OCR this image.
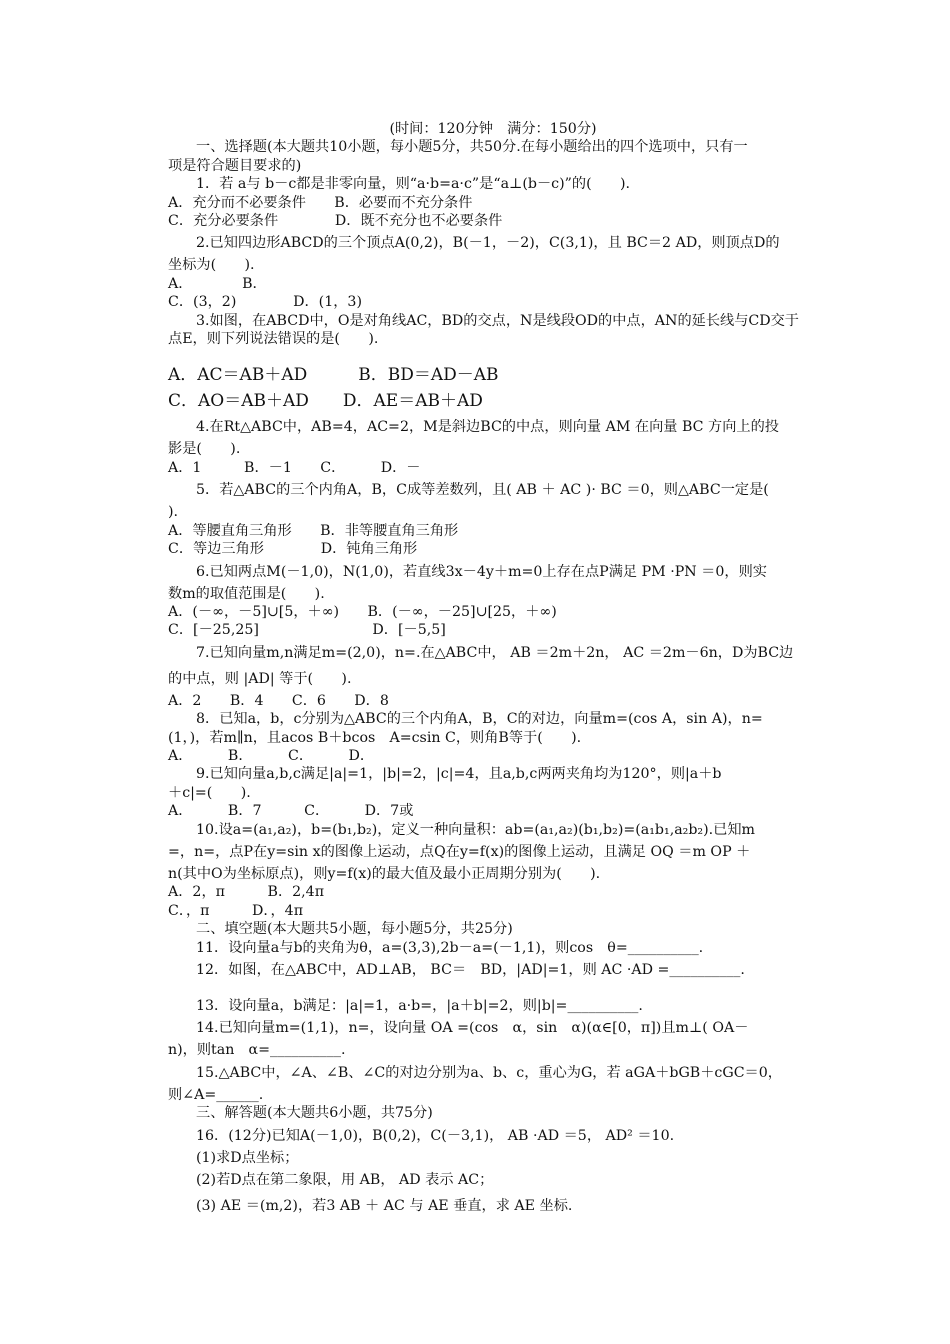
(时间：120分钟　满分：150分)

一、选择题(本大题共10小题，每小题5分，共50分.在每小题给出的四个选项中，只有一

项是符合题目要求的)

1．若 a与 b－c都是非零向量，则“a·b=a·c”是“a⊥(b－c)”的(　　).

A．充分而不必要条件　　B．必要而不充分条件

C．充分必要条件　　　　D．既不充分也不必要条件

2.已知四边形ABCD的三个顶点A(0,2)，B(－1，－2)，C(3,1)，且 BC＝2 AD，则顶点D的

坐标为(　　).

A．　　　　B．

C．(3，2)　　　　D．(1，3)

3.如图，在ABCD中，O是对角线AC，BD的交点，N是线段OD的中点，AN的延长线与CD交于

点E，则下列说法错误的是(　　).

A．AC＝AB＋AD　　　B．BD＝AD－AB

C．AO＝AB＋AD　　D．AE＝AB＋AD

4.在Rt△ABC中，AB=4，AC=2，M是斜边BC的中点，则向量 AM 在向量 BC 方向上的投

影是(　　).

A．1　　　B．－1　　C．　　　D．－

5．若△ABC的三个内角A，B，C成等差数列，且( AB ＋ AC )· BC ＝0，则△ABC一定是(

).

A．等腰直角三角形　　B．非等腰直角三角形

C．等边三角形　　　　D．钝角三角形

6.已知两点M(－1,0)，N(1,0)，若直线3x－4y＋m=0上存在点P满足 PM ·PN ＝0，则实

数m的取值范围是(　　).

A．(－∞，－5]∪[5，＋∞)　　B．(－∞，－25]∪[25，＋∞)

C．[－25,25]　　　　　　　　D．[－5,5]

7.已知向量m,n满足m=(2,0)，n=.在△ABC中， AB ＝2m＋2n， AC ＝2m－6n，D为BC边

的中点，则 |AD| 等于(　　).

A．2　　B．4　　C．6　　D．8

8．已知a，b，c分别为△ABC的三个内角A，B，C的对边，向量m=(cos A，sin A)，n=

(1，)，若m∥n，且acos B＋bcos　A=csin C，则角B等于(　　).

A．　　　B．　　　C．　　　D．

9.已知向量a,b,c满足|a|=1，|b|=2，|c|=4，且a,b,c两两夹角均为120°，则|a＋b

＋c|=(　　).

A．　　　B．7　　　C．　　　D．7或

10.设a=(a₁,a₂)，b=(b₁,b₂)，定义一种向量积：ab=(a₁,a₂)(b₁,b₂)=(a₁b₁,a₂b₂).已知m

=，n=，点P在y=sin x的图像上运动，点Q在y=f(x)的图像上运动，且满足 OQ ＝m OP ＋

n(其中O为坐标原点)，则y=f(x)的最大值及最小正周期分别为(　　).

A．2，π　　　B．2,4π

C．，π　　　D．，4π

二、填空题(本大题共5小题，每小题5分，共25分)

11．设向量a与b的夹角为θ，a=(3,3),2b－a=(－1,1)，则cos　θ=__________.

12．如图，在△ABC中，AD⊥AB， BC＝　BD，|AD|=1，则 AC ·AD =__________.

13．设向量a，b满足：|a|=1，a·b=，|a＋b|=2，则|b|=__________.

14.已知向量m=(1,1)，n=，设向量 OA =(cos　α，sin　α)(α∈[0，π])且m⊥( OA－

n)，则tan　α=__________.

15.△ABC中，∠A、∠B、∠C的对边分别为a、b、c，重心为G，若 aGA＋bGB＋cGC＝0，

则∠A=______.

三、解答题(本大题共6小题，共75分)

16．(12分)已知A(－1,0)，B(0,2)，C(－3,1)， AB ·AD ＝5， AD² ＝10.

(1)求D点坐标；

(2)若D点在第二象限，用 AB， AD 表示 AC；

(3) AE ＝(m,2)，若3 AB ＋ AC 与 AE 垂直，求 AE 坐标.
